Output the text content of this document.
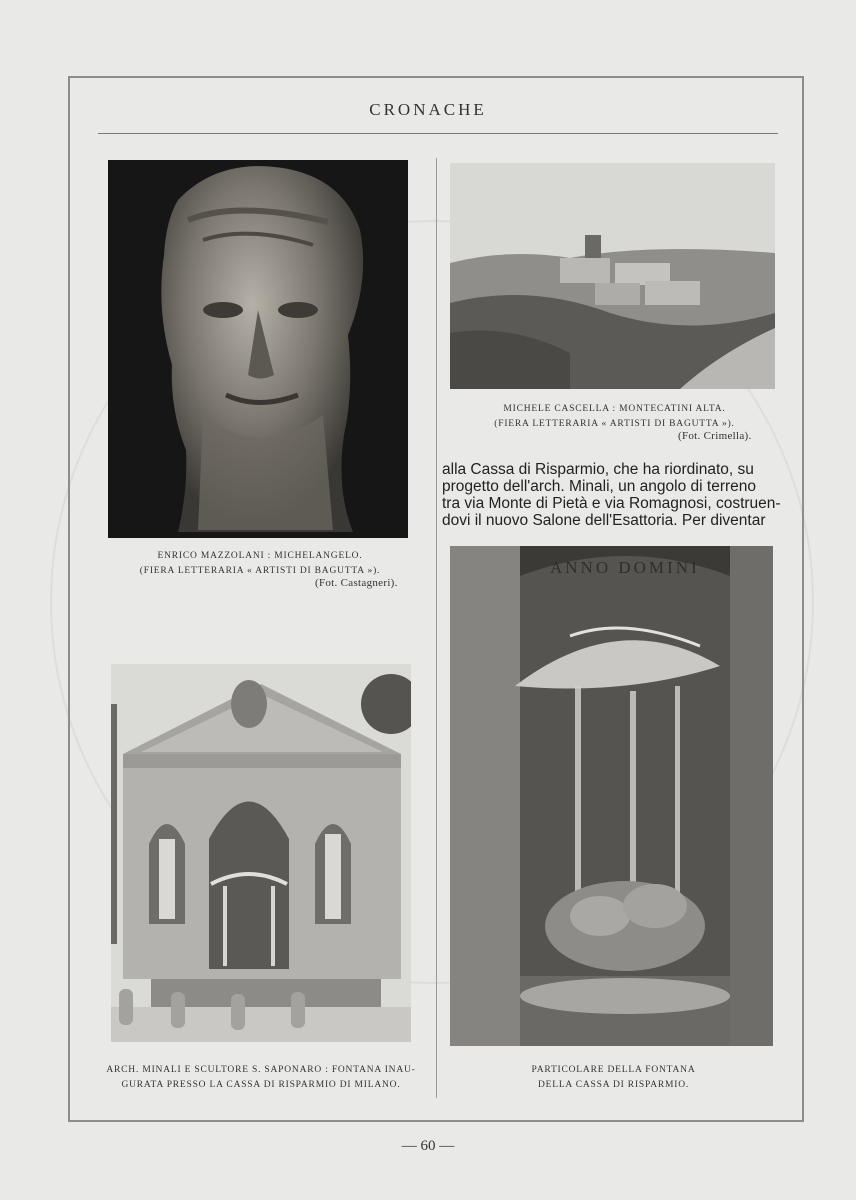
CRONACHE
ENRICO MAZZOLANI : MICHELANGELO.
(FIERA LETTERARIA « ARTISTI DI BAGUTTA »).
(Fot. Castagneri).
MICHELE CASCELLA : MONTECATINI ALTA.
(FIERA LETTERARIA « ARTISTI DI BAGUTTA »).
(Fot. Crimella).
alla Cassa di Risparmio, che ha riordinato, su
progetto dell'arch. Minali, un angolo di terreno
tra via Monte di Pietà e via Romagnosi, costruen-
dovi il nuovo Salone dell'Esattoria. Per diventar
ARCH. MINALI E SCULTORE S. SAPONARO : FONTANA INAU-
GURATA PRESSO LA CASSA DI RISPARMIO DI MILANO.
ANNO DOMINI
PARTICOLARE DELLA FONTANA
DELLA CASSA DI RISPARMIO.
— 60 —
